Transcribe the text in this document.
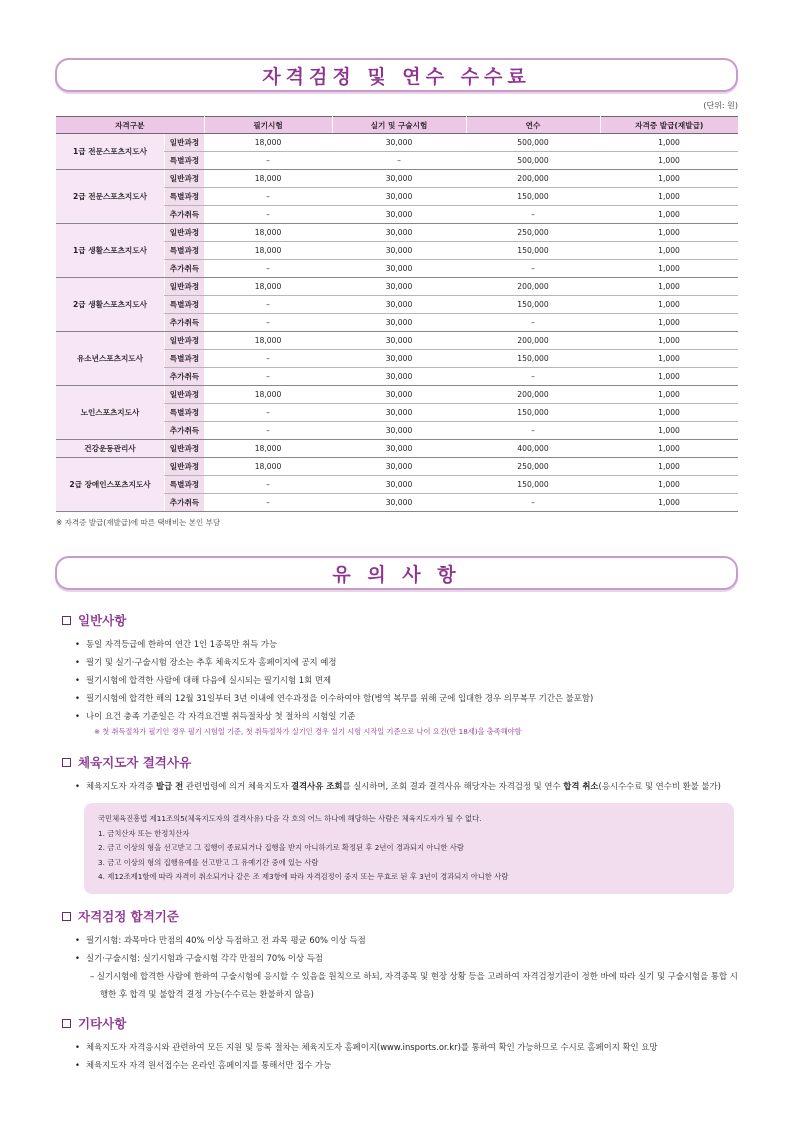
자격검정 및 연수 수수료
(단위: 원)
자격구분		필기시험	실기 및 구술시험	연수	자격증 발급(재발급)
1급 전문스포츠지도사	일반과정	18,000	30,000	500,000	1,000
	특별과정	–	–	500,000	1,000
2급 전문스포츠지도사	일반과정	18,000	30,000	200,000	1,000
	특별과정	–	30,000	150,000	1,000
	추가취득	–	30,000	–	1,000
1급 생활스포츠지도사	일반과정	18,000	30,000	250,000	1,000
	특별과정	18,000	30,000	150,000	1,000
	추가취득	–	30,000	–	1,000
2급 생활스포츠지도사	일반과정	18,000	30,000	200,000	1,000
	특별과정	–	30,000	150,000	1,000
	추가취득	–	30,000	–	1,000
유소년스포츠지도사	일반과정	18,000	30,000	200,000	1,000
	특별과정	–	30,000	150,000	1,000
	추가취득	–	30,000	–	1,000
노인스포츠지도사	일반과정	18,000	30,000	200,000	1,000
	특별과정	–	30,000	150,000	1,000
	추가취득	–	30,000	–	1,000
건강운동관리사	일반과정	18,000	30,000	400,000	1,000
2급 장애인스포츠지도사	일반과정	18,000	30,000	250,000	1,000
	특별과정	–	30,000	150,000	1,000
	추가취득	–	30,000	–	1,000
※ 자격증 발급(재발급)에 따른 택배비는 본인 부담
유 의 사 항
일반사항
• 동일 자격등급에 한하여 연간 1인 1종목만 취득 가능
• 필기 및 실기·구술시험 장소는 추후 체육지도자 홈페이지에 공지 예정
• 필기시험에 합격한 사람에 대해 다음에 실시되는 필기시험 1회 면제
• 필기시험에 합격한 해의 12월 31일부터 3년 이내에 연수과정을 이수하여야 함(병역 복무를 위해 군에 입대한 경우 의무복무 기간은 불포함)
• 나이 요건 충족 기준일은 각 자격요건별 취득절차상 첫 절차의 시험일 기준
※ 첫 취득절차가 필기인 경우 필기 시험일 기준, 첫 취득절차가 실기인 경우 실기 시험 시작일 기준으로 나이 요건(만 18세)을 충족해야함
체육지도자 결격사유
• 체육지도자 자격증 발급 전 관련법령에 의거 체육지도자 결격사유 조회를 실시하며, 조회 결과 결격사유 해당자는 자격검정 및 연수 합격 취소(응시수수료 및 연수비 환불 불가)
국민체육진흥법 제11조의5(체육지도자의 결격사유) 다음 각 호의 어느 하나에 해당하는 사람은 체육지도자가 될 수 없다.
1. 금치산자 또는 한정치산자
2. 금고 이상의 형을 선고받고 그 집행이 종료되거나 집행을 받지 아니하기로 확정된 후 2년이 경과되지 아니한 사람
3. 금고 이상의 형의 집행유예를 선고받고 그 유예기간 중에 있는 사람
4. 제12조제1항에 따라 자격이 취소되거나 같은 조 제3항에 따라 자격검정이 중지 또는 무효로 된 후 3년이 경과되지 아니한 사람
자격검정 합격기준
• 필기시험: 과목마다 만점의 40% 이상 득점하고 전 과목 평균 60% 이상 득점
• 실기·구술시험: 실기시험과 구술시험 각각 만점의 70% 이상 득점
– 실기시험에 합격한 사람에 한하여 구술시험에 응시할 수 있음을 원칙으로 하되, 자격종목 및 현장 상황 등을 고려하여 자격검정기관이 정한 바에 따라 실기 및 구술시험을 통합 시행한 후 합격 및 불합격 결정 가능(수수료는 환불하지 않음)
기타사항
• 체육지도자 자격응시와 관련하여 모든 지원 및 등록 절차는 체육지도자 홈페이지(www.insports.or.kr)를 통하여 확인 가능하므로 수시로 홈페이지 확인 요망
• 체육지도자 자격 원서접수는 온라인 홈페이지를 통해서만 접수 가능
